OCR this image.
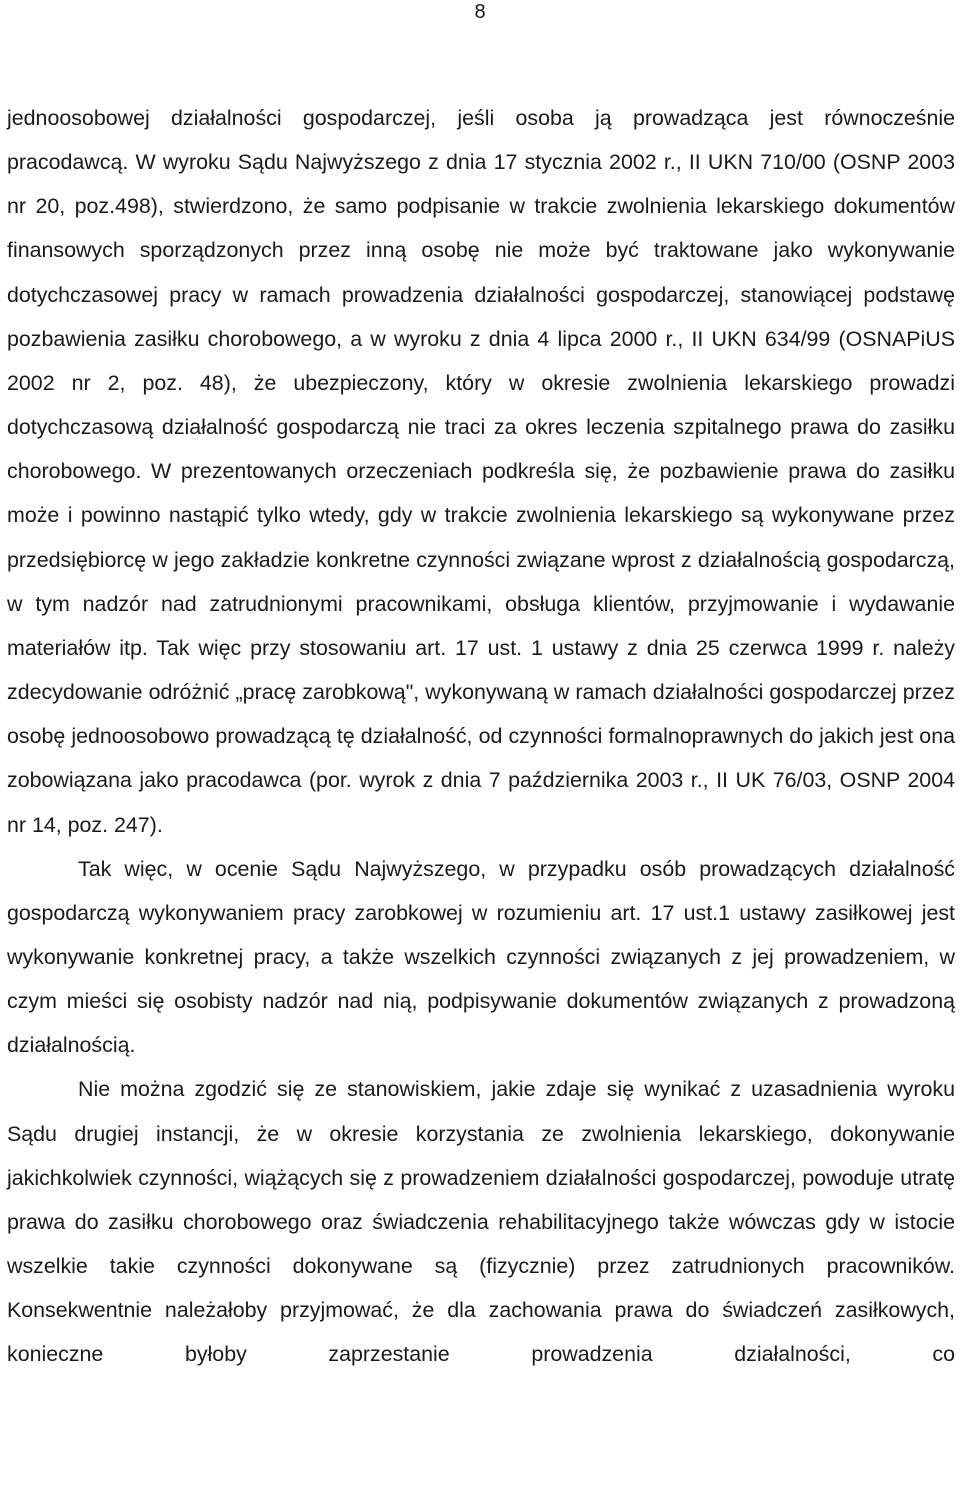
8

jednoosobowej działalności gospodarczej, jeśli osoba ją prowadząca jest równocześnie pracodawcą. W wyroku Sądu Najwyższego z dnia 17 stycznia 2002 r., II UKN 710/00 (OSNP 2003 nr 20, poz.498), stwierdzono, że samo podpisanie w trakcie zwolnienia lekarskiego dokumentów finansowych sporządzonych przez inną osobę nie może być traktowane jako wykonywanie dotychczasowej pracy w ramach prowadzenia działalności gospodarczej, stanowiącej podstawę pozbawienia zasiłku chorobowego, a w wyroku z dnia 4 lipca 2000 r., II UKN 634/99 (OSNAPiUS 2002 nr 2, poz. 48), że ubezpieczony, który w okresie zwolnienia lekarskiego prowadzi dotychczasową działalność gospodarczą nie traci za okres leczenia szpitalnego prawa do zasiłku chorobowego. W prezentowanych orzeczeniach podkreśla się, że pozbawienie prawa do zasiłku może i powinno nastąpić tylko wtedy, gdy w trakcie zwolnienia lekarskiego są wykonywane przez przedsiębiorcę w jego zakładzie konkretne czynności związane wprost z działalnością gospodarczą, w tym nadzór nad zatrudnionymi pracownikami, obsługa klientów, przyjmowanie i wydawanie materiałów itp. Tak więc przy stosowaniu art. 17 ust. 1 ustawy z dnia 25 czerwca 1999 r. należy zdecydowanie odróżnić „pracę zarobkową", wykonywaną w ramach działalności gospodarczej przez osobę jednoosobowo prowadzącą tę działalność, od czynności formalnoprawnych do jakich jest ona zobowiązana jako pracodawca (por. wyrok z dnia 7 października 2003 r., II UK 76/03, OSNP 2004 nr 14, poz. 247).

Tak więc, w ocenie Sądu Najwyższego, w przypadku osób prowadzących działalność gospodarczą wykonywaniem pracy zarobkowej w rozumieniu art. 17 ust.1 ustawy zasiłkowej jest wykonywanie konkretnej pracy, a także wszelkich czynności związanych z jej prowadzeniem, w czym mieści się osobisty nadzór nad nią, podpisywanie dokumentów związanych z prowadzoną działalnością.

Nie można zgodzić się ze stanowiskiem, jakie zdaje się wynikać z uzasadnienia wyroku Sądu drugiej instancji, że w okresie korzystania ze zwolnienia lekarskiego, dokonywanie jakichkolwiek czynności, wiążących się z prowadzeniem działalności gospodarczej, powoduje utratę prawa do zasiłku chorobowego oraz świadczenia rehabilitacyjnego także wówczas gdy w istocie wszelkie takie czynności dokonywane są (fizycznie) przez zatrudnionych pracowników. Konsekwentnie należałoby przyjmować, że dla zachowania prawa do świadczeń zasiłkowych, konieczne byłoby zaprzestanie prowadzenia działalności, co
